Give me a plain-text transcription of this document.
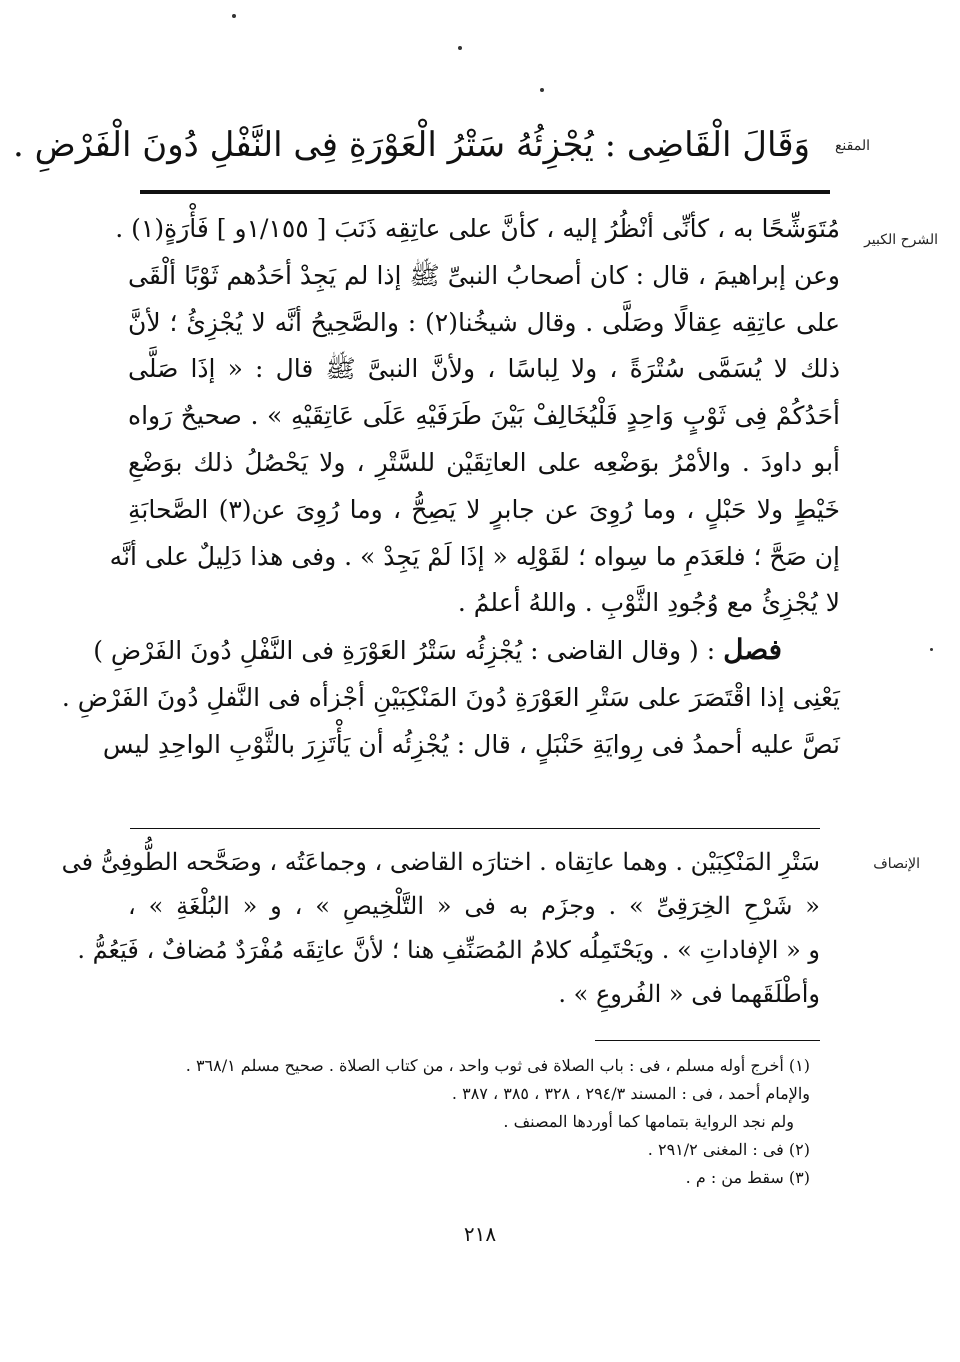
المقنع
وَقَالَ الْقَاضِى : يُجْزِئُهُ سَتْرُ الْعَوْرَةِ فِى النَّفْلِ دُونَ الْفَرْضِ .
الشرح الكبير
مُتَوَشِّحًا به ، كأنِّى أنْظُرُ إليه ، كأنَّ على عاتِقِه ذَنَبَ [ ١/١٥٥و ] فَأْرَةٍ(١) .
وعن إبراهيمَ ، قال : كان أصحابُ النبىِّ ﷺ إذا لم يَجِدْ أحَدُهم ثَوْبًا ألْقَى
على عاتِقِه عِقالًا وصَلَّى . وقال شيخُنا(٢) : والصَّحِيحُ أنَّه لا يُجْزِئُ ؛ لأنَّ
ذلك لا يُسَمَّى سُتْرَةً ، ولا لِباسًا ، ولأنَّ النبىَّ ﷺ قال : « إذَا صَلَّى
أحَدُكُمْ فِى ثَوْبٍ وَاحِدٍ فَلْيُخَالِفْ بَيْنَ طَرَفَيْهِ عَلَى عَاتِقَيْهِ » . صحيحٌ رَواه
أبو داودَ . والأمْرُ بوَضْعِه على العاتِقَيْن للسَّتْرِ ، ولا يَحْصُلُ ذلك بوَضْعِ
خَيْطٍ ولا حَبْلٍ ، وما رُوِىَ عن جابرٍ لا يَصِحُّ ، وما رُوِىَ عن(٣) الصَّحابَةِ
إن صَحَّ ؛ فلعَدَمِ ما سِواه ؛ لقَوْلِه « إذَا لَمْ يَجِدْ » . وفى هذا دَلِيلٌ على أنَّه
لا يُجْزِئُ مع وُجُودِ الثَّوْبِ . واللهُ أعلمُ .
فصل : ( وقال القاضى : يُجْزِئُه سَتْرُ العَوْرَةِ فى النَّفْلِ دُونَ الفَرْضِ )
يَعْنِى إذا اقْتَصَرَ على سَتْرِ العَوْرَةِ دُونَ المَنْكِبَيْنِ أجْزأه فى النَّفلِ دُونَ الفَرْضِ .
نَصَّ عليه أحمدُ فى رِوايَةِ حَنْبَلٍ ، قال : يُجْزِئُه أن يَأْتَزِرَ بالثَّوْبِ الواحِدِ ليس
الإنصاف
سَتْرِ المَنْكِبَيْن . وهما عاتِقاه . اختارَه القاضى ، وجماعَتُه ، وصَحَّحه الطُّوفِىُّ فى
« شَرْحِ الخِرَقِىِّ » . وجزَم به فى « التَّلْخِيصِ » ، و « البُلْغَةِ » ،
و « الإفاداتِ » . ويَحْتَمِلُه كلامُ المُصَنِّفِ هنا ؛ لأنَّ عاتِقَه مُفْرَدٌ مُضافٌ ، فَيَعُمُّ .
وأطْلَقَهما فى « الفُروعِ » .
(١) أخرج أوله مسلم ، فى : باب الصلاة فى ثوب واحد ، من كتاب الصلاة . صحيح مسلم ٣٦٨/١ .
والإمام أحمد ، فى : المسند ٢٩٤/٣ ، ٣٢٨ ، ٣٨٥ ، ٣٨٧ .
ولم نجد الرواية بتمامها كما أوردها المصنف .
(٢) فى : المغنى ٢٩١/٢ .
(٣) سقط من : م .
٢١٨
